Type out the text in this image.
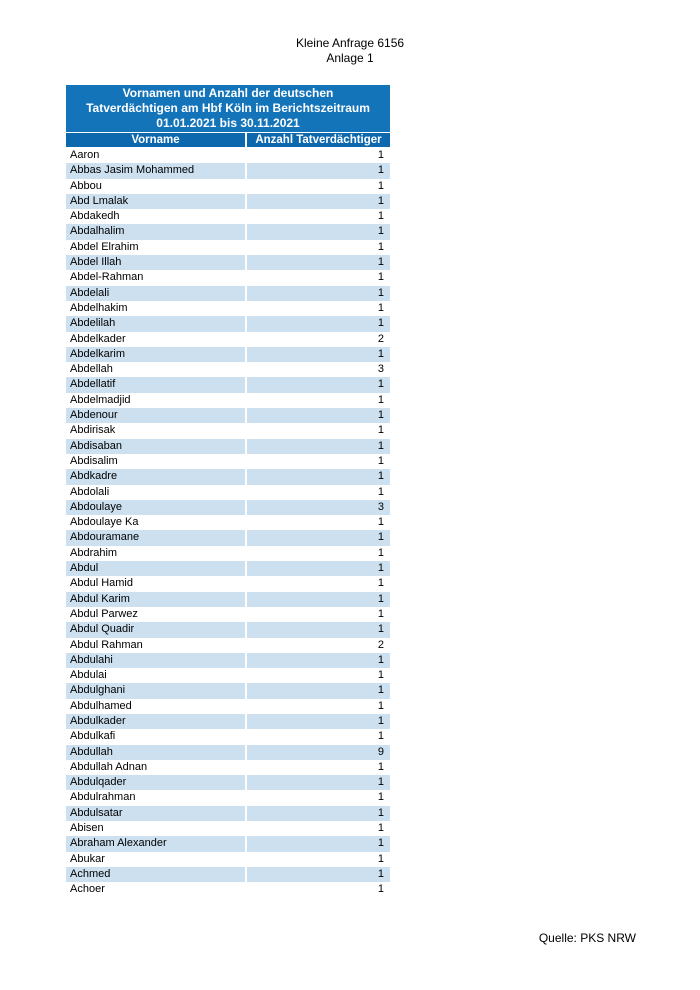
Kleine Anfrage 6156
Anlage 1
Vornamen und Anzahl der deutschen
Tatverdächtigen am Hbf Köln im Berichtszeitraum
01.01.2021 bis 30.11.2021
Vorname	Anzahl Tatverdächtiger
Aaron	1
Abbas Jasim Mohammed	1
Abbou	1
Abd Lmalak	1
Abdakedh	1
Abdalhalim	1
Abdel Elrahim	1
Abdel Illah	1
Abdel-Rahman	1
Abdelali	1
Abdelhakim	1
Abdelilah	1
Abdelkader	2
Abdelkarim	1
Abdellah	3
Abdellatif	1
Abdelmadjid	1
Abdenour	1
Abdirisak	1
Abdisaban	1
Abdisalim	1
Abdkadre	1
Abdolali	1
Abdoulaye	3
Abdoulaye Ka	1
Abdouramane	1
Abdrahim	1
Abdul	1
Abdul Hamid	1
Abdul Karim	1
Abdul Parwez	1
Abdul Quadir	1
Abdul Rahman	2
Abdulahi	1
Abdulai	1
Abdulghani	1
Abdulhamed	1
Abdulkader	1
Abdulkafi	1
Abdullah	9
Abdullah Adnan	1
Abdulqader	1
Abdulrahman	1
Abdulsatar	1
Abisen	1
Abraham Alexander	1
Abukar	1
Achmed	1
Achoer	1
Quelle: PKS NRW
